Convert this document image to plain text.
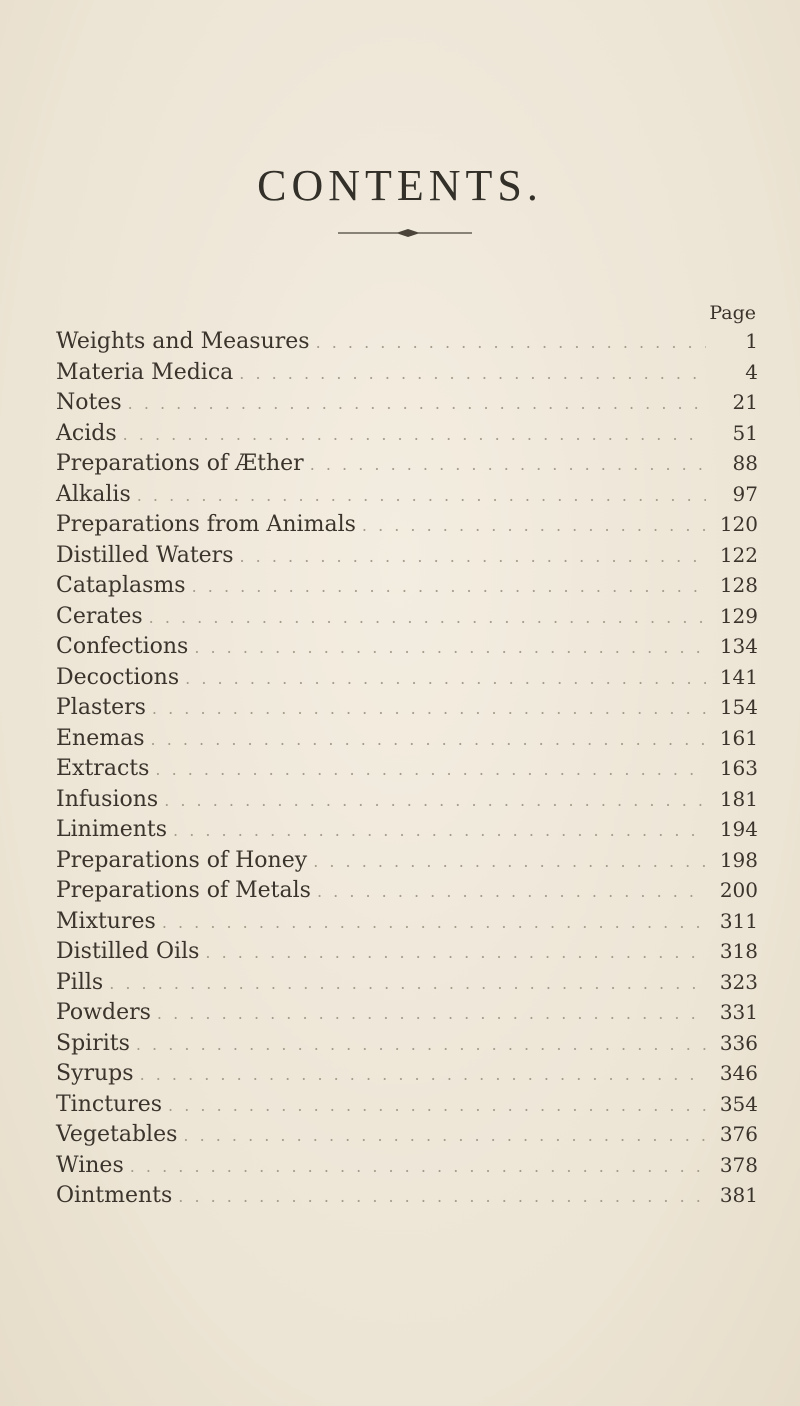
CONTENTS.
Page
Weights and Measures . . .	1
Materia Medica . . .	4
Notes . . .	21
Acids . . .	51
Preparations of Æther . . .	88
Alkalis . . .	97
Preparations from Animals . . .	120
Distilled Waters . . .	122
Cataplasms . . .	128
Cerates . . .	129
Confections . . .	134
Decoctions . . .	141
Plasters . . .	154
Enemas . . .	161
Extracts . . .	163
Infusions . . .	181
Liniments . . .	194
Preparations of Honey . . .	198
Preparations of Metals . . .	200
Mixtures . . .	311
Distilled Oils . . .	318
Pills . . .	323
Powders . . .	331
Spirits . . .	336
Syrups . . .	346
Tinctures . . .	354
Vegetables . . .	376
Wines . . .	378
Ointments . . .	381
